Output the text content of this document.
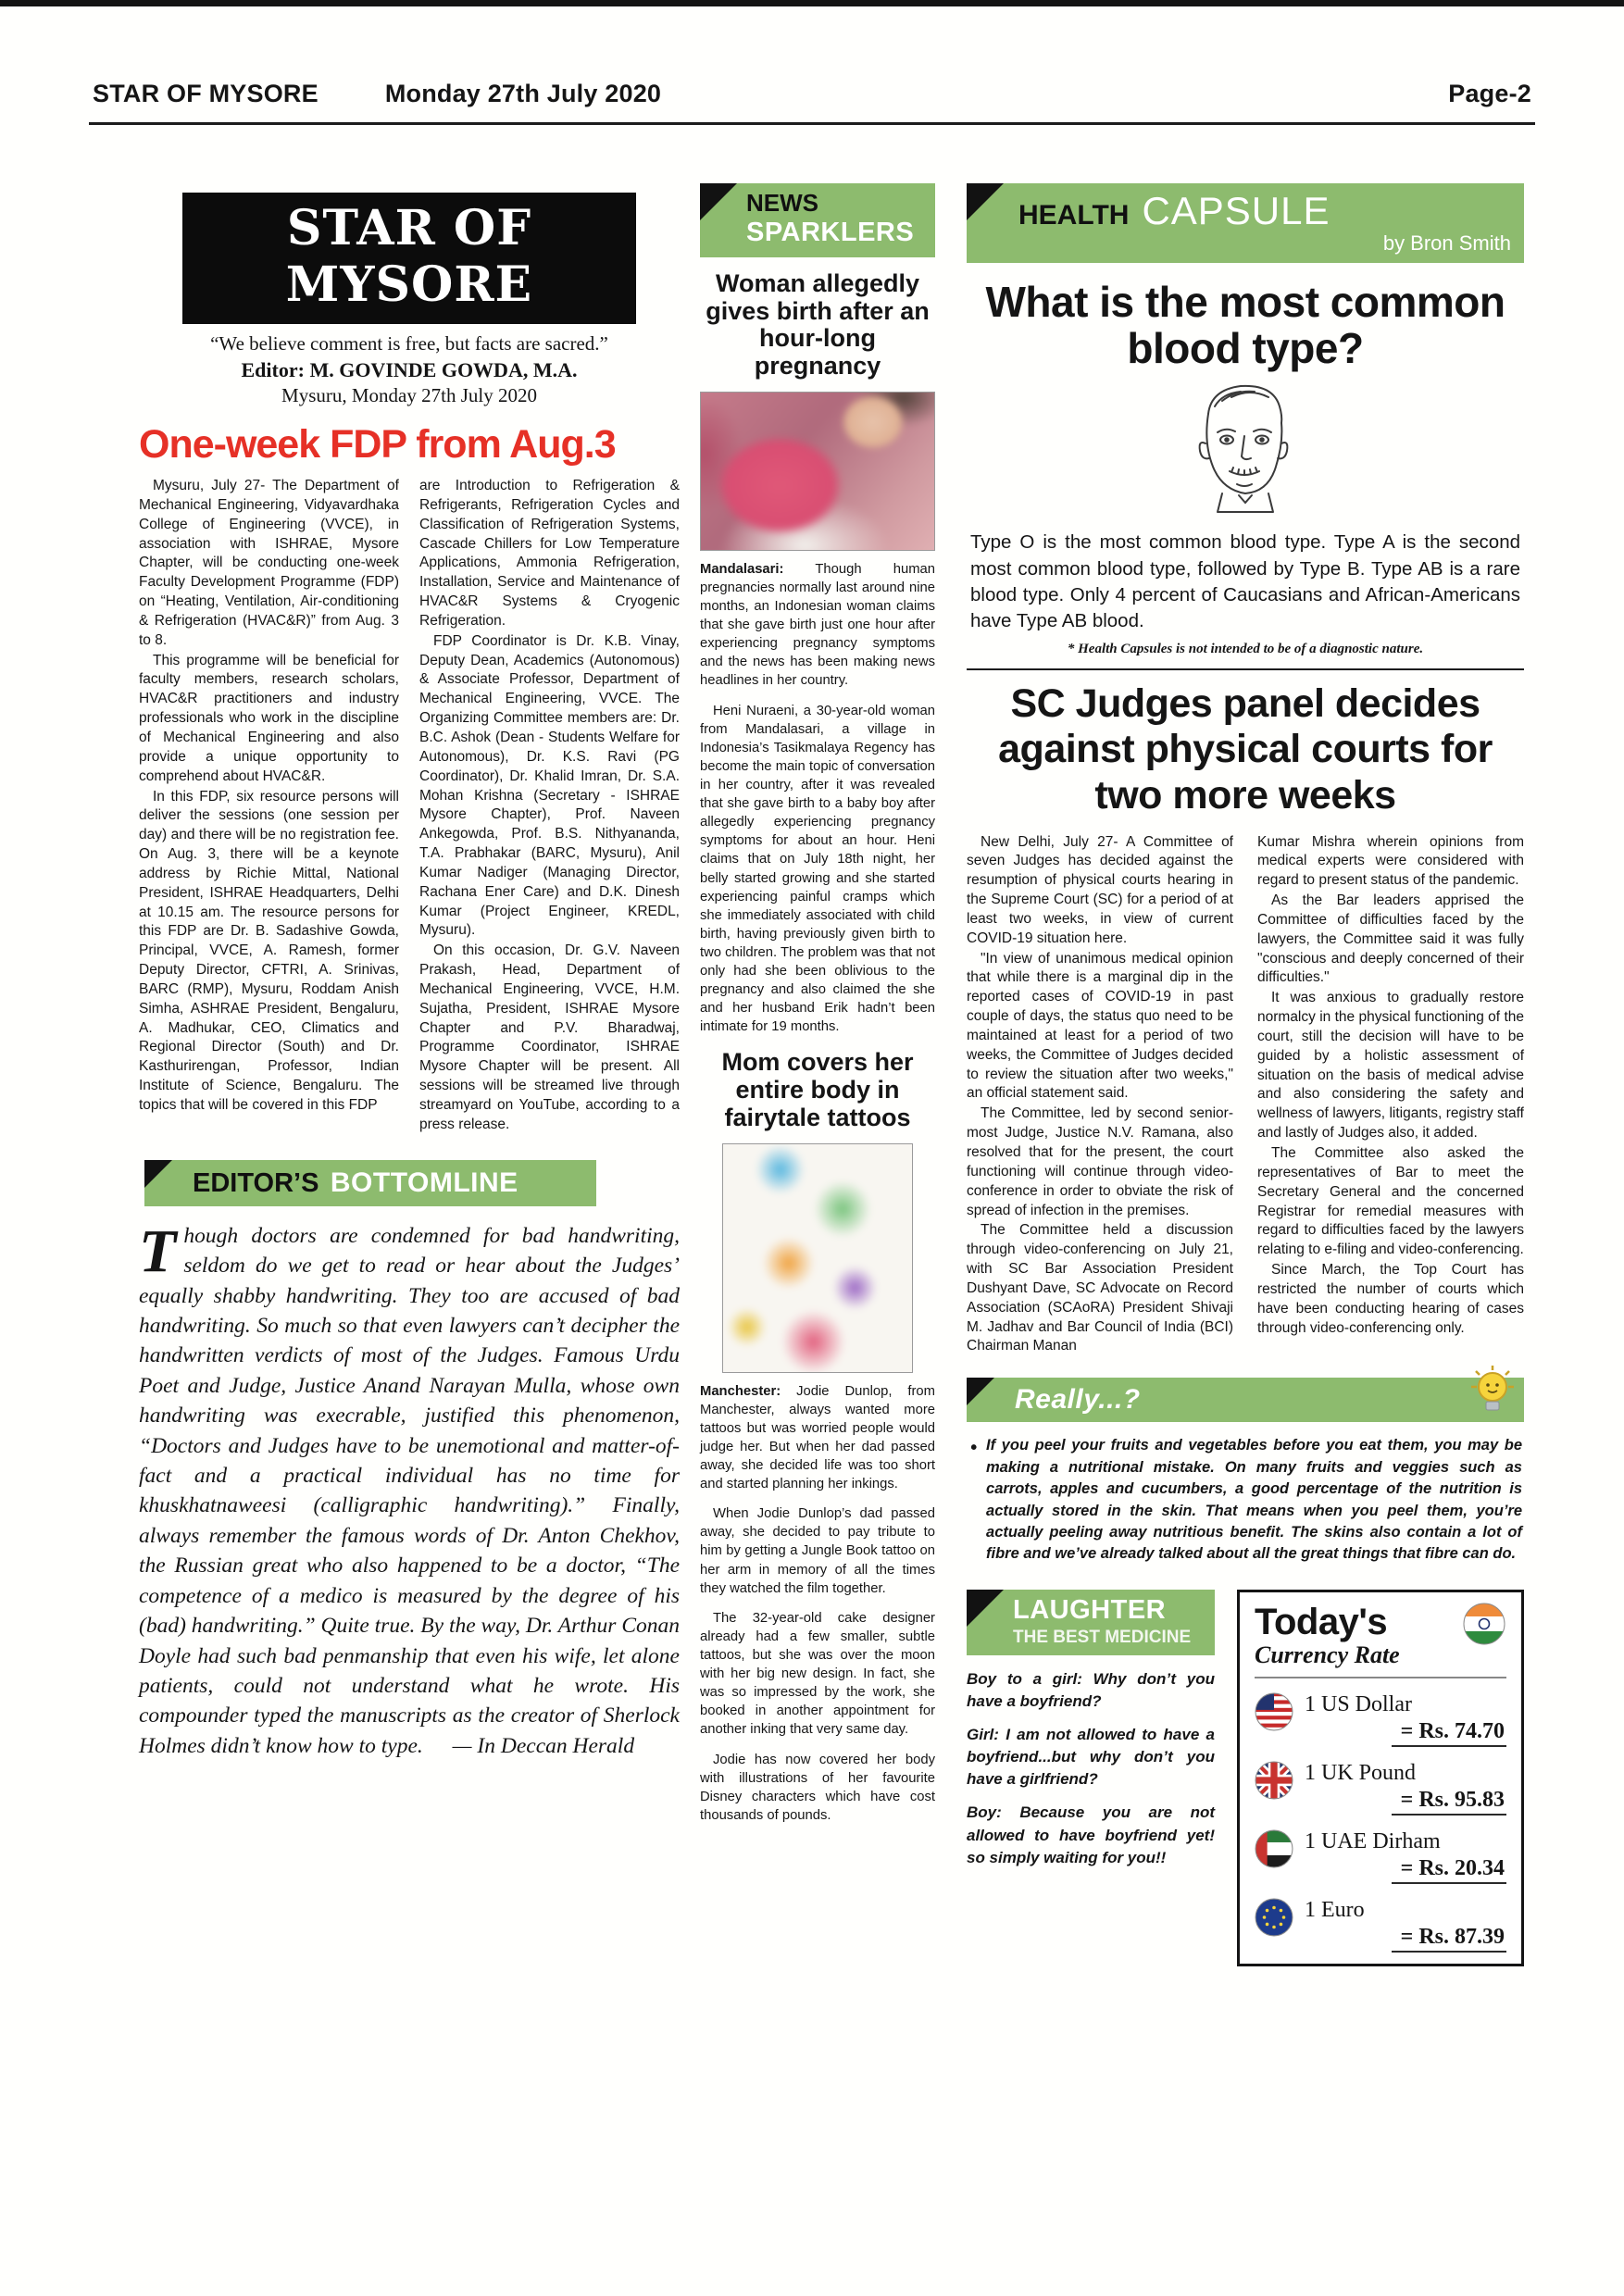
STAR OF MYSORE	Monday 27th July 2020	Page-2
STAR OF MYSORE
“We believe comment is free, but facts are sacred.”
Editor: M. GOVINDE GOWDA, M.A.
Mysuru, Monday 27th July 2020
One-week FDP from Aug.3

Mysuru, July 27- The Department of Mechanical Engineering, Vidyavardhaka College of Engineering (VVCE), in association with ISHRAE, Mysore Chapter, will be conducting one-week Faculty Development Programme (FDP) on “Heating, Ventilation, Air-conditioning & Refrigeration (HVAC&R)” from Aug. 3 to 8.

This programme will be beneficial for faculty members, research scholars, HVAC&R practitioners and industry professionals who work in the discipline of Mechanical Engineering and also provide a unique opportunity to comprehend about HVAC&R.

In this FDP, six resource persons will deliver the sessions (one session per day) and there will be no registration fee. On Aug. 3, there will be a keynote address by Richie Mittal, National President, ISHRAE Headquarters, Delhi at 10.15 am. The resource persons for this FDP are Dr. B. Sadashive Gowda, Principal, VVCE, A. Ramesh, former Deputy Director, CFTRI, A. Srinivas, BARC (RMP), Mysuru, Roddam Anish Simha, ASHRAE President, Bengaluru, A. Madhukar, CEO, Climatics and Regional Director (South) and Dr. Kasthurirengan, Professor, Indian Institute of Science, Bengaluru. The topics that will be covered in this FDP

are Introduction to Refrigeration & Refrigerants, Refrigeration Cycles and Classification of Refrigeration Systems, Cascade Chillers for Low Temperature Applications, Ammonia Refrigeration, Installation, Service and Maintenance of HVAC&R Systems & Cryogenic Refrigeration.

FDP Coordinator is Dr. K.B. Vinay, Deputy Dean, Academics (Autonomous) & Associate Professor, Department of Mechanical Engineering, VVCE. The Organizing Committee members are: Dr. B.C. Ashok (Dean - Students Welfare for Autonomous), Dr. K.S. Ravi (PG Coordinator), Dr. Khalid Imran, Dr. S.A. Mohan Krishna (Secretary - ISHRAE Mysore Chapter), Prof. Naveen Ankegowda, Prof. B.S. Nithyananda, T.A. Prabhakar (BARC, Mysuru), Anil Kumar Nadiger (Managing Director, Rachana Ener Care) and D.K. Dinesh Kumar (Project Engineer, KREDL, Mysuru).

On this occasion, Dr. G.V. Naveen Prakash, Head, Department of Mechanical Engineering, VVCE, H.M. Sujatha, President, ISHRAE Mysore Chapter and P.V. Bharadwaj, Programme Coordinator, ISHRAE Mysore Chapter will be present. All sessions will be streamed live through streamyard on YouTube, according to a press release.

EDITOR’S BOTTOMLINE
Though doctors are condemned for bad handwriting, seldom do we get to read or hear about the Judges’ equally shabby handwriting. They too are accused of bad handwriting. So much so that even lawyers can’t decipher the handwritten verdicts of most of the Judges. Famous Urdu Poet and Judge, Justice Anand Narayan Mulla, whose own handwriting was execrable, justified this phenomenon, “Doctors and Judges have to be unemotional and matter-of-fact and a practical individual has no time for khuskhatnaweesi (calligraphic handwriting).” Finally, always remember the famous words of Dr. Anton Chekhov, the Russian great who also happened to be a doctor, “The competence of a medico is measured by the degree of his (bad) handwriting.” Quite true. By the way, Dr. Arthur Conan Doyle had such bad penmanship that even his wife, let alone patients, could not understand what he wrote. His compounder typed the manuscripts as the creator of Sherlock Holmes didn’t know how to type. — In Deccan Herald
NEWS
SPARKLERS
Woman allegedly gives birth after an hour-long pregnancy

Mandalasari: Though human pregnancies normally last around nine months, an Indonesian woman claims that she gave birth just one hour after experiencing pregnancy symptoms and the news has been making news headlines in her country.

Heni Nuraeni, a 30-year-old woman from Mandalasari, a village in Indonesia’s Tasikmalaya Regency has become the main topic of conversation in her country, after it was revealed that she gave birth to a baby boy after allegedly experiencing pregnancy symptoms for about an hour. Heni claims that on July 18th night, her belly started growing and she started experiencing painful cramps which she immediately associated with child birth, having previously given birth to two children. The problem was that not only had she been oblivious to the pregnancy and also claimed the she and her husband Erik hadn’t been intimate for 19 months.

Mom covers her entire body in fairytale tattoos

Manchester: Jodie Dunlop, from Manchester, always wanted more tattoos but was worried people would judge her. But when her dad passed away, she decided life was too short and started planning her inkings.

When Jodie Dunlop’s dad passed away, she decided to pay tribute to him by getting a Jungle Book tattoo on her arm in memory of all the times they watched the film together.

The 32-year-old cake designer already had a few smaller, subtle tattoos, but she was over the moon with her big new design. In fact, she was so impressed by the work, she booked in another appointment for another inking that very same day.

Jodie has now covered her body with illustrations of her favourite Disney characters which have cost thousands of pounds.

HEALTH CAPSULE
by Bron Smith
What is the most common blood type?

Type O is the most common blood type. Type A is the second most common blood type, followed by Type B. Type AB is a rare blood type. Only 4 percent of Caucasians and African-Americans have Type AB blood.

* Health Capsules is not intended to be of a diagnostic nature.

SC Judges panel decides against physical courts for two more weeks

New Delhi, July 27- A Committee of seven Judges has decided against the resumption of physical courts hearing in the Supreme Court (SC) for a period of at least two weeks, in view of current COVID-19 situation here.

"In view of unanimous medical opinion that while there is a marginal dip in the reported cases of COVID-19 in past couple of days, the status quo need to be maintained at least for a period of two weeks, the Committee of Judges decided to review the situation after two weeks," an official statement said.

The Committee, led by second senior-most Judge, Justice N.V. Ramana, also resolved that for the present, the court functioning will continue through video- conference in order to obviate the risk of spread of infection in the premises.

The Committee held a discussion through video-conferencing on July 21, with SC Bar Association President Dushyant Dave, SC Advocate on Record Association (SCAoRA) President Shivaji M. Jadhav and Bar Council of India (BCI) Chairman Manan

Kumar Mishra wherein opinions from medical experts were considered with regard to present status of the pandemic.

As the Bar leaders apprised the Committee of difficulties faced by the lawyers, the Committee said it was fully "conscious and deeply concerned of their difficulties."

It was anxious to gradually restore normalcy in the physical functioning of the court, still the decision will have to be guided by a holistic assessment of situation on the basis of medical advise and also considering the safety and wellness of lawyers, litigants, registry staff and lastly of Judges also, it added.

The Committee also asked the representatives of Bar to meet the Secretary General and the concerned Registrar for remedial measures with regard to difficulties faced by the lawyers relating to e-filing and video-conferencing.

Since March, the Top Court has restricted the number of courts which have been conducting hearing of cases through video-conferencing only.

Really...?
• If you peel your fruits and vegetables before you eat them, you may be making a nutritional mistake. On many fruits and veggies such as carrots, apples and cucumbers, a good percentage of the nutrition is actually stored in the skin. That means when you peel them, you’re actually peeling away nutritious benefit. The skins also contain a lot of fibre and we’ve already talked about all the great things that fibre can do.
LAUGHTER
THE BEST MEDICINE

Boy to a girl: Why don’t you have a boyfriend?

Girl: I am not allowed to have a boyfriend...but why don’t you have a girlfriend?

Boy: Because you are not allowed to have boyfriend yet! so simply waiting for you!!

Today's
Currency Rate
1 US Dollar
= Rs. 74.70
1 UK Pound
= Rs. 95.83
1 UAE Dirham
= Rs. 20.34
1 Euro
= Rs. 87.39
